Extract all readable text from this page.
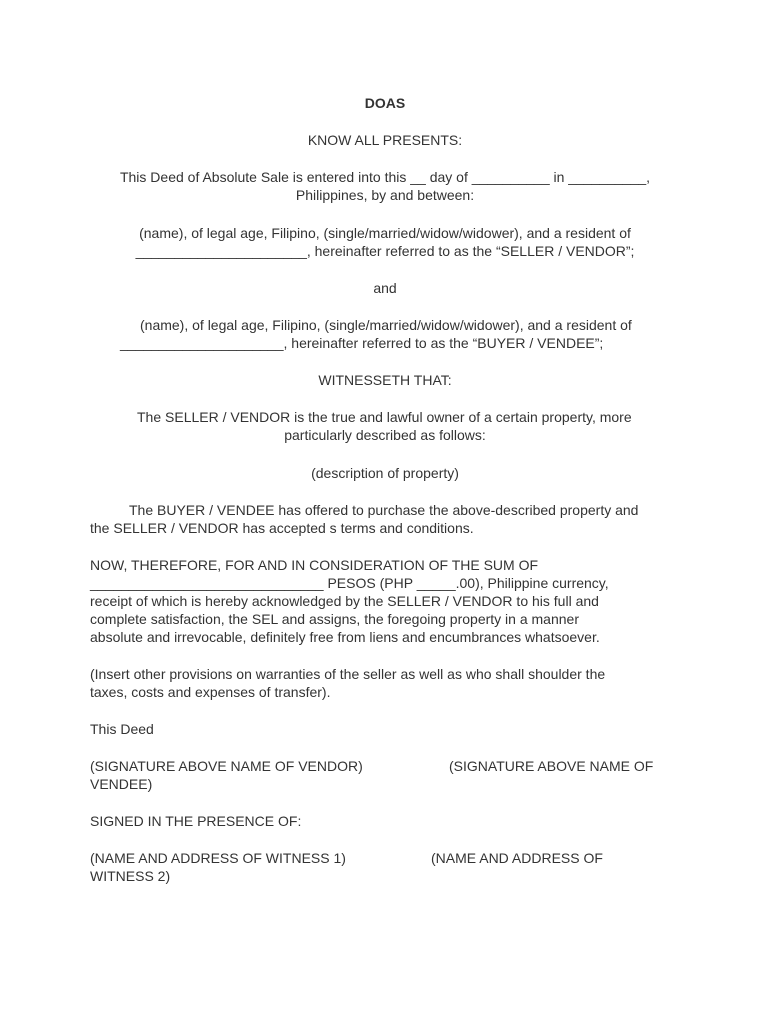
DOAS
KNOW ALL PRESENTS:
This Deed of Absolute Sale is entered into this __ day of __________ in __________,
Philippines, by and between:
(name), of legal age, Filipino, (single/married/widow/widower), and a resident of
______________________, hereinafter referred to as the “SELLER / VENDOR”;
and
(name), of legal age, Filipino, (single/married/widow/widower), and a resident of
_____________________, hereinafter referred to as the “BUYER / VENDEE”;
WITNESSETH THAT:
The SELLER / VENDOR is the true and lawful owner of a certain property, more
particularly described as follows:
(description of property)
The BUYER / VENDEE has offered to purchase the above-described property and
the SELLER / VENDOR has accepted s terms and conditions.
NOW, THEREFORE, FOR AND IN CONSIDERATION OF THE SUM OF
______________________________ PESOS (PHP _____.00), Philippine currency,
receipt of which is hereby acknowledged by the SELLER / VENDOR to his full and
complete satisfaction, the SEL and assigns, the foregoing property in a manner
absolute and irrevocable, definitely free from liens and encumbrances whatsoever.
(Insert other provisions on warranties of the seller as well as who shall shoulder the
taxes, costs and expenses of transfer).
This Deed
(SIGNATURE ABOVE NAME OF VENDOR)	(SIGNATURE ABOVE NAME OF
VENDEE)
SIGNED IN THE PRESENCE OF:
(NAME AND ADDRESS OF WITNESS 1)	(NAME AND ADDRESS OF
WITNESS 2)
